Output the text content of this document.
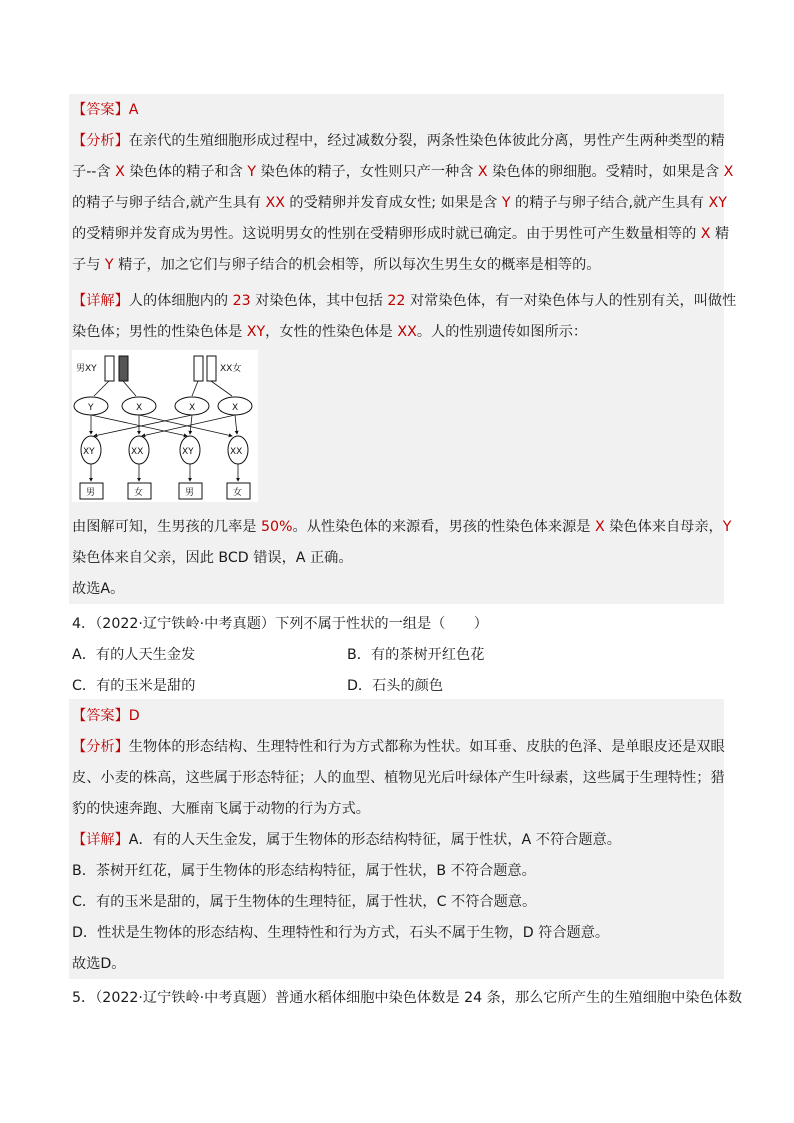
【答案】A
【分析】在亲代的生殖细胞形成过程中，经过减数分裂，两条性染色体彼此分离，男性产生两种类型的精
子--含 X 染色体的精子和含 Y 染色体的精子，女性则只产一种含 X 染色体的卵细胞。受精时，如果是含 X
的精子与卵子结合,就产生具有 XX 的受精卵并发育成女性; 如果是含 Y 的精子与卵子结合,就产生具有 XY
的受精卵并发育成为男性。这说明男女的性别在受精卵形成时就已确定。由于男性可产生数量相等的 X 精
子与 Y 精子，加之它们与卵子结合的机会相等，所以每次生男生女的概率是相等的。
【详解】人的体细胞内的 23 对染色体，其中包括 22 对常染色体，有一对染色体与人的性别有关，叫做性
染色体；男性的性染色体是 XY，女性的性染色体是 XX。人的性别遗传如图所示：
男XY	XX女
Y	X	X	X
XY	XX	XY	XX
男	女	男	女
由图解可知，生男孩的几率是 50%。从性染色体的来源看，男孩的性染色体来源是 X 染色体来自母亲，Y
染色体来自父亲，因此 BCD 错误，A 正确。
故选A。
4．（2022·辽宁铁岭·中考真题）下列不属于性状的一组是（　　）
A．有的人天生金发	B．有的茶树开红色花
C．有的玉米是甜的	D．石头的颜色
【答案】D
【分析】生物体的形态结构、生理特性和行为方式都称为性状。如耳垂、皮肤的色泽、是单眼皮还是双眼
皮、小麦的株高，这些属于形态特征；人的血型、植物见光后叶绿体产生叶绿素，这些属于生理特性；猎
豹的快速奔跑、大雁南飞属于动物的行为方式。
【详解】A．有的人天生金发，属于生物体的形态结构特征，属于性状，A 不符合题意。
B．茶树开红花，属于生物体的形态结构特征，属于性状，B 不符合题意。
C．有的玉米是甜的，属于生物体的生理特征，属于性状，C 不符合题意。
D．性状是生物体的形态结构、生理特性和行为方式，石头不属于生物，D 符合题意。
故选D。
5．（2022·辽宁铁岭·中考真题）普通水稻体细胞中染色体数是 24 条，那么它所产生的生殖细胞中染色体数
